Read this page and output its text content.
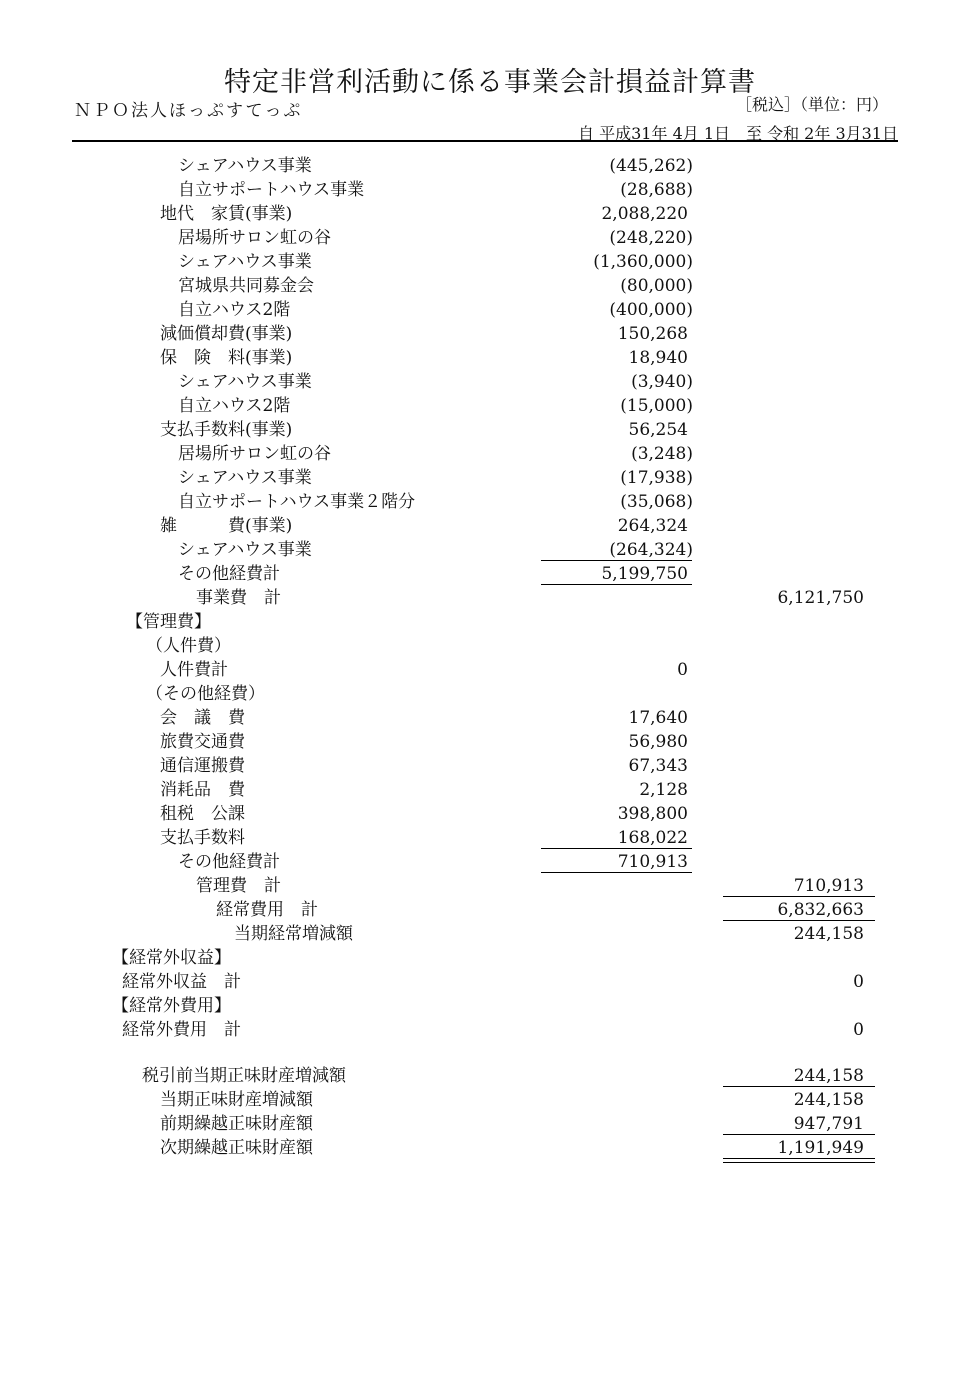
特定非営利活動に係る事業会計損益計算書
ＮＰＯ法人ほっぷすてっぷ	［税込］（単位：円）
自 平成31年 4月 1日　至 令和 2年 3月31日
シェアハウス事業	(445,262)
自立サポートハウス事業	(28,688)
地代　家賃(事業)	2,088,220
居場所サロン虹の谷	(248,220)
シェアハウス事業	(1,360,000)
宮城県共同募金会	(80,000)
自立ハウス2階	(400,000)
減価償却費(事業)	150,268
保　険　料(事業)	18,940
シェアハウス事業	(3,940)
自立ハウス2階	(15,000)
支払手数料(事業)	56,254
居場所サロン虹の谷	(3,248)
シェアハウス事業	(17,938)
自立サポートハウス事業２階分	(35,068)
雑　　　費(事業)	264,324
シェアハウス事業	(264,324)
その他経費計	5,199,750
事業費　計	6,121,750
【管理費】
（人件費）
人件費計	0
（その他経費）
会　議　費	17,640
旅費交通費	56,980
通信運搬費	67,343
消耗品　費	2,128
租税　公課	398,800
支払手数料	168,022
その他経費計	710,913
管理費　計	710,913
経常費用　計	6,832,663
当期経常増減額	244,158
【経常外収益】
経常外収益　計	0
【経常外費用】
経常外費用　計	0
税引前当期正味財産増減額	244,158
当期正味財産増減額	244,158
前期繰越正味財産額	947,791
次期繰越正味財産額	1,191,949
